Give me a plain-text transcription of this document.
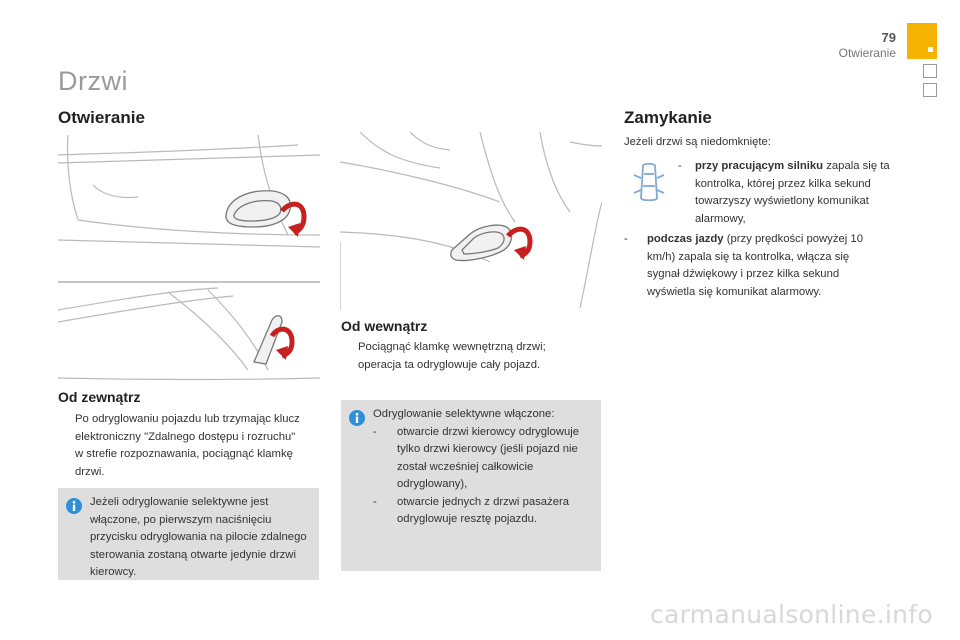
79
Otwieranie
Drzwi
Otwieranie
Od zewnątrz
Po odryglowaniu pojazdu lub trzymając klucz elektroniczny "Zdalnego dostępu i rozruchu" w strefie rozpoznawania, pociągnąć klamkę drzwi.
Jeżeli odryglowanie selektywne jest włączone, po pierwszym naciśnięciu przycisku odryglowania na pilocie zdalnego sterowania zostaną otwarte jedynie drzwi kierowcy.
Od wewnątrz
Pociągnąć klamkę wewnętrzną drzwi; operacja ta odryglowuje cały pojazd.
Odryglowanie selektywne włączone:
- otwarcie drzwi kierowcy odryglowuje tylko drzwi kierowcy (jeśli pojazd nie został wcześniej całkowicie odryglowany),
- otwarcie jednych z drzwi pasażera odryglowuje resztę pojazdu.
Zamykanie
Jeżeli drzwi są niedomknięte:
-	przy pracującym silniku zapala się ta kontrolka, której przez kilka sekund towarzyszy wyświetlony komunikat alarmowy,
-	podczas jazdy (przy prędkości powyżej 10 km/h) zapala się ta kontrolka, włącza się sygnał dźwiękowy i przez kilka sekund wyświetla się komunikat alarmowy.
carmanualsonline.info
